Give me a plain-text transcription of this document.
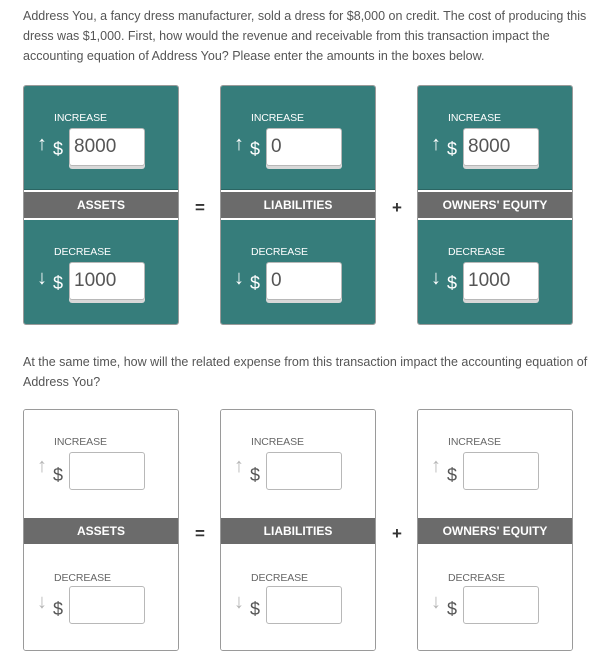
Address You, a fancy dress manufacturer, sold a dress for $8,000 on credit. The cost of producing this dress was $1,000. First, how would the revenue and receivable from this transaction impact the accounting equation of Address You? Please enter the amounts in the boxes below.
INCREASE
↑ $
8000
ASSETS
DECREASE
↓ $
1000
=
INCREASE
↑ $
0
LIABILITIES
DECREASE
↓ $
0
+
INCREASE
↑ $
8000
OWNERS' EQUITY
DECREASE
↓ $
1000
At the same time, how will the related expense from this transaction impact the accounting equation of Address You?
INCREASE
↑ $
ASSETS
DECREASE
↓ $
=
INCREASE
↑ $
LIABILITIES
DECREASE
↓ $
+
INCREASE
↑ $
OWNERS' EQUITY
DECREASE
↓ $
